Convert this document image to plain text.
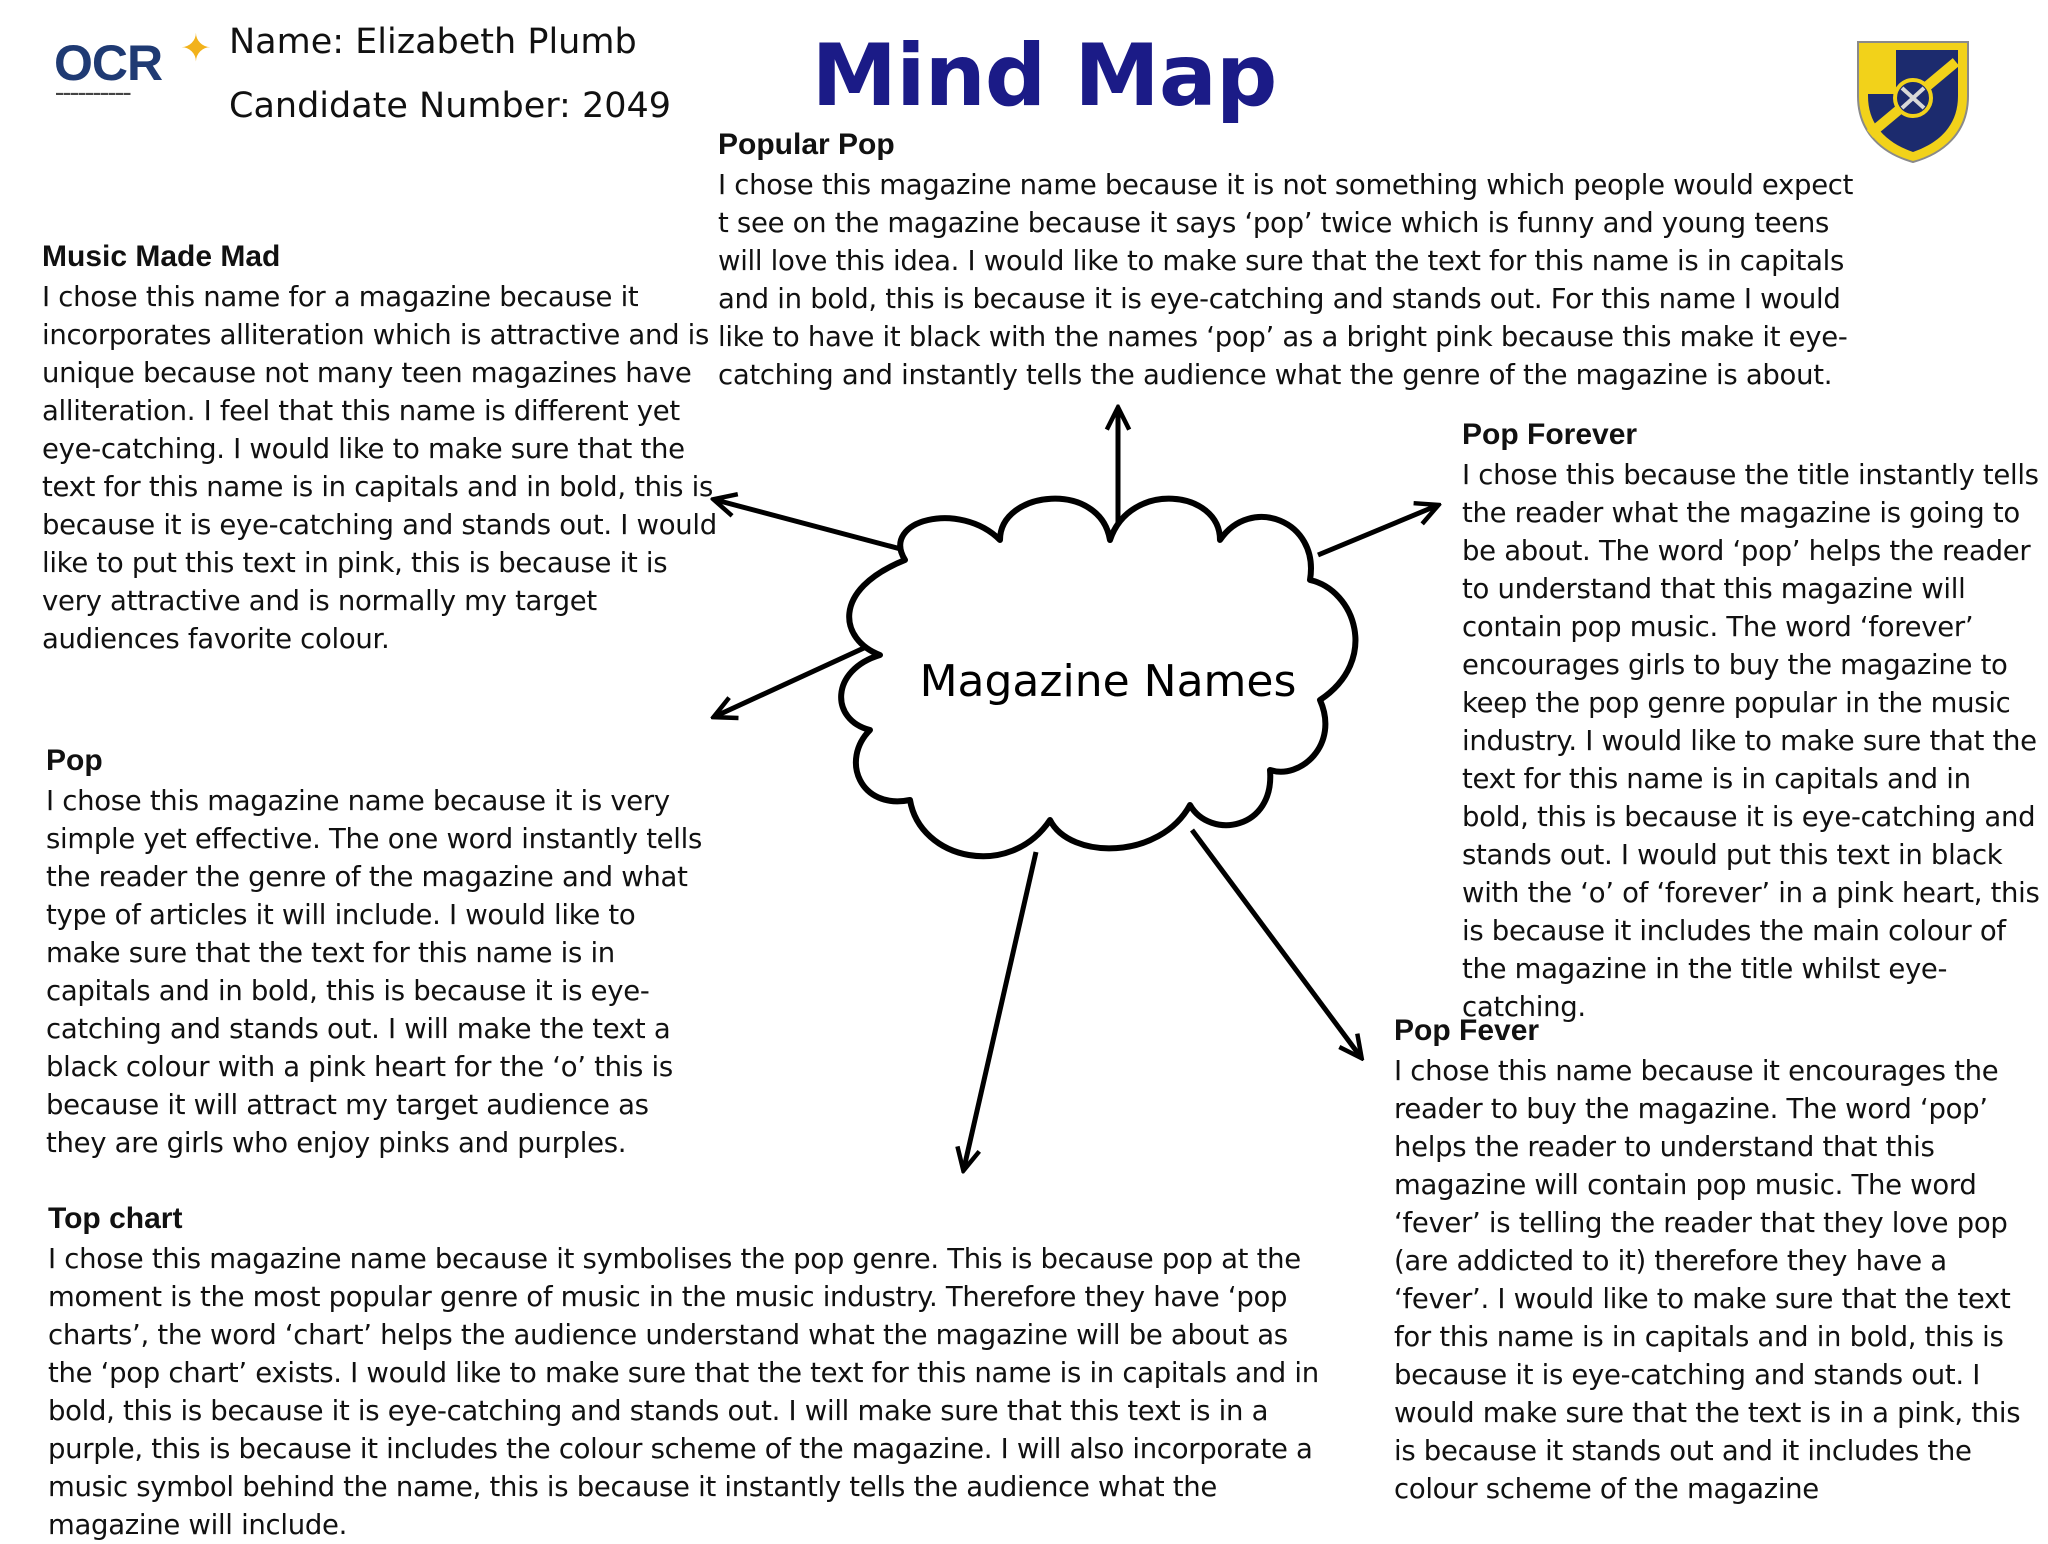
OCR ✦
▬▬▬▬▬▬▬▬▬▬
Name: Elizabeth Plumb
Candidate Number: 2049	Mind Map
Magazine Names
Popular Pop

I chose this magazine name because it is not something which people would expect t see on the magazine because it says ‘pop’ twice which is funny and young teens will love this idea. I would like to make sure that the text for this name is in capitals and in bold, this is because it is eye-catching and stands out. For this name I would like to have it black with the names ‘pop’ as a bright pink because this make it eye-catching and instantly tells the audience what the genre of the magazine is about.

Music Made Mad

I chose this name for a magazine because it incorporates alliteration which is attractive and is unique because not many teen magazines have alliteration. I feel that this name is different yet eye-catching. I would like to make sure that the text for this name is in capitals and in bold, this is because it is eye-catching and stands out. I would like to put this text in pink, this is because it is very attractive and is normally my target audiences favorite colour.

Pop Forever

I chose this because the title instantly tells the reader what the magazine is going to be about. The word ‘pop’ helps the reader to understand that this magazine will contain pop music. The word ‘forever’ encourages girls to buy the magazine to keep the pop genre popular in the music industry. I would like to make sure that the text for this name is in capitals and in bold, this is because it is eye-catching and stands out. I would put this text in black with the ‘o’ of ‘forever’ in a pink heart, this is because it includes the main colour of the magazine in the title whilst eye-catching.

Pop

I chose this magazine name because it is very simple yet effective. The one word instantly tells the reader the genre of the magazine and what type of articles it will include. I would like to make sure that the text for this name is in capitals and in bold, this is because it is eye-catching and stands out. I will make the text a black colour with a pink heart for the ‘o’ this is because it will attract my target audience as they are girls who enjoy pinks and purples.

Pop Fever

I chose this name because it encourages the reader to buy the magazine. The word ‘pop’ helps the reader to understand that this magazine will contain pop music. The word ‘fever’ is telling the reader that they love pop (are addicted to it) therefore they have a ‘fever’. I would like to make sure that the text for this name is in capitals and in bold, this is because it is eye-catching and stands out. I would make sure that the text is in a pink, this is because it stands out and it includes the colour scheme of the magazine

Top chart

I chose this magazine name because it symbolises the pop genre. This is because pop at the moment is the most popular genre of music in the music industry. Therefore they have ‘pop charts’, the word ‘chart’ helps the audience understand what the magazine will be about as the ‘pop chart’ exists. I would like to make sure that the text for this name is in capitals and in bold, this is because it is eye-catching and stands out. I will make sure that this text is in a purple, this is because it includes the colour scheme of the magazine. I will also incorporate a music symbol behind the name, this is because it instantly tells the audience what the magazine will include.
